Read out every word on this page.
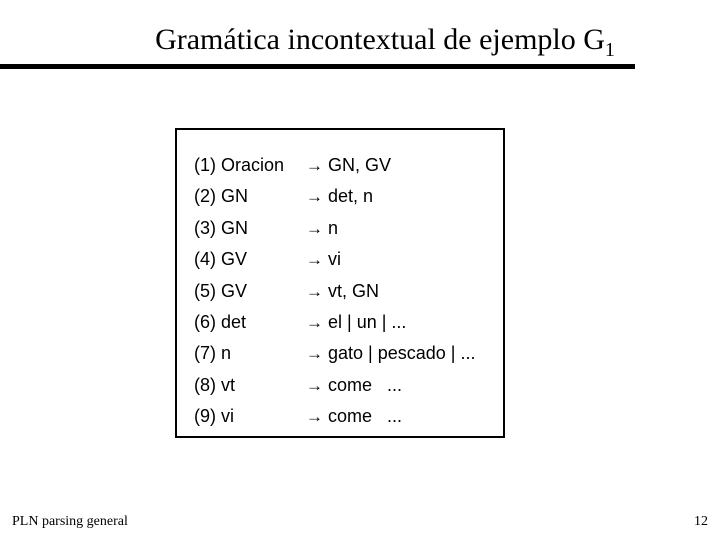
Gramática incontextual de ejemplo $G_1$
(1) Oracion → GN, GV
(2) GN	→ det, n
(3) GN	→ n
(4) GV	→ vi
(5) GV	→ vt, GN
(6) det	→ el | un | ...
(7) n	→ gato | pescado | ...
(8) vt	→ come   ...
(9) vi	→ come   ...
PLN parsing general	12
